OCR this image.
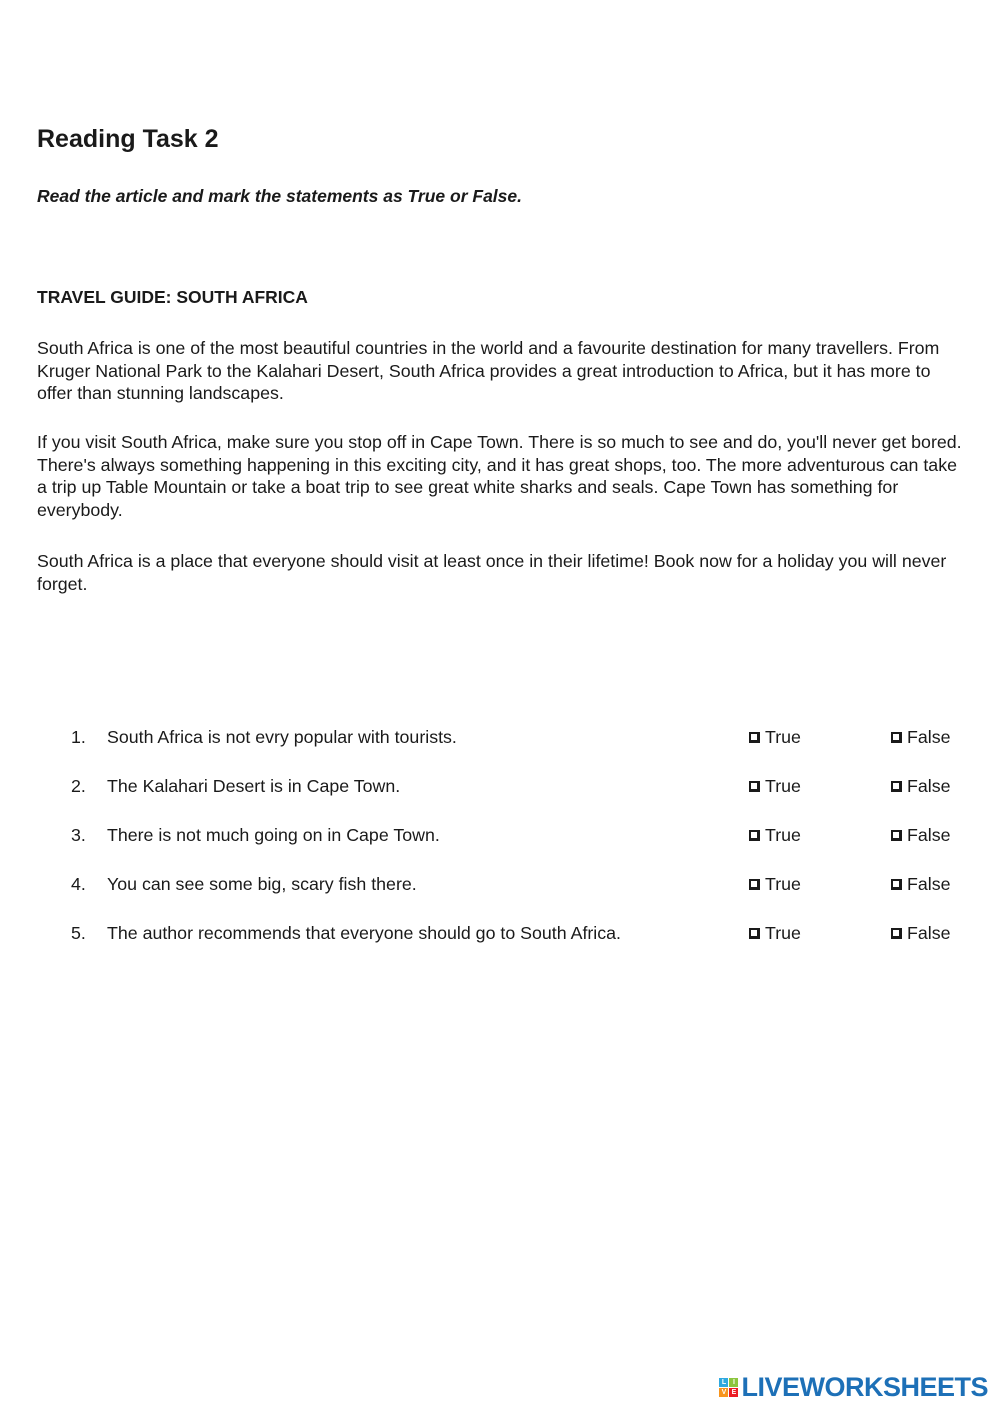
Reading Task 2

Read the article and mark the statements as True or False.

TRAVEL GUIDE: SOUTH AFRICA

South Africa is one of the most beautiful countries in the world and a favourite destination for many travellers. From Kruger National Park to the Kalahari Desert, South Africa provides a great introduction to Africa, but it has more to offer than stunning landscapes.

If you visit South Africa, make sure you stop off in Cape Town. There is so much to see and do, you'll never get bored. There's always something happening in this exciting city, and it has great shops, too. The more adventurous can take a trip up Table Mountain or take a boat trip to see great white sharks and seals. Cape Town has something for everybody.

South Africa is a place that everyone should visit at least once in their lifetime! Book now for a holiday you will never forget.

1. South Africa is not evry popular with tourists.	True	False
2. The Kalahari Desert is in Cape Town.	True	False
3. There is not much going on in Cape Town.	True	False
4. You can see some big, scary fish there.	True	False
5. The author recommends that everyone should go to South Africa.	True	False
L I
V E LIVEWORKSHEETS
